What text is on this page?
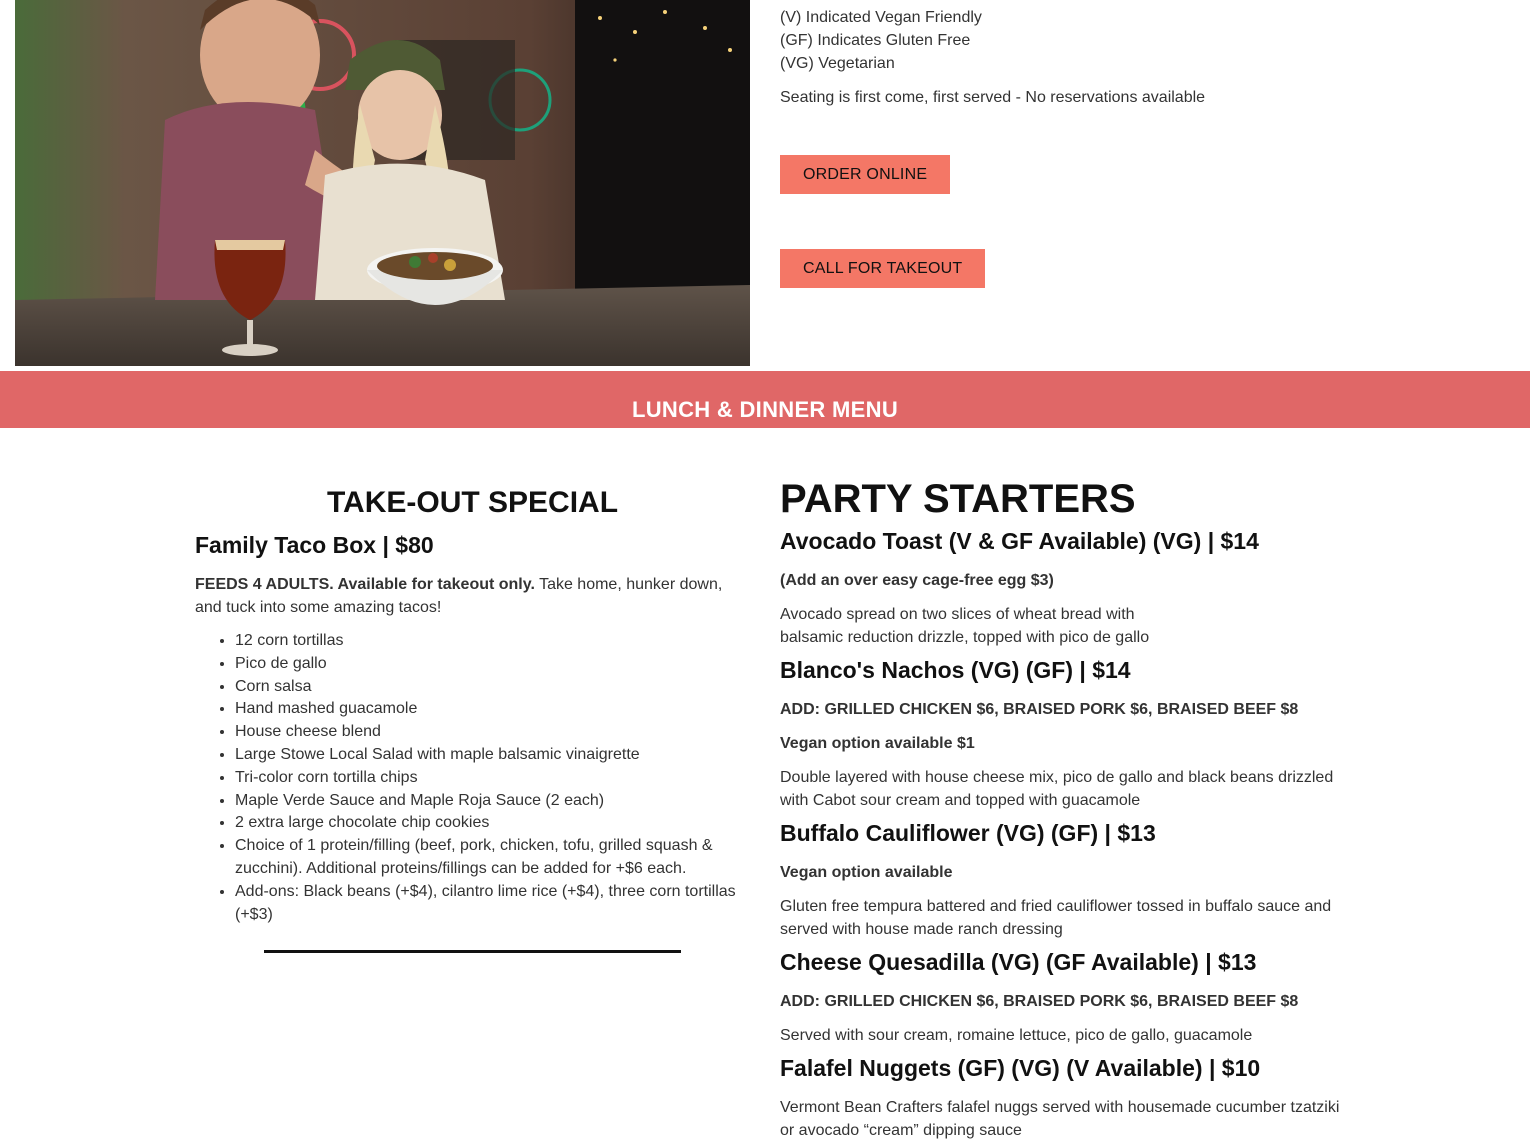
(V) Indicated Vegan Friendly
(GF) Indicates Gluten Free
(VG) Vegetarian
Seating is first come, first served - No reservations available
ORDER ONLINE
CALL FOR TAKEOUT
LUNCH & DINNER MENU
TAKE-OUT SPECIAL
Family Taco Box | $80

FEEDS 4 ADULTS. Available for takeout only. Take home, hunker down, and tuck into some amazing tacos!

• 12 corn tortillas
• Pico de gallo
• Corn salsa
• Hand mashed guacamole
• House cheese blend
• Large Stowe Local Salad with maple balsamic vinaigrette
• Tri-color corn tortilla chips
• Maple Verde Sauce and Maple Roja Sauce (2 each)
• 2 extra large chocolate chip cookies
• Choice of 1 protein/filling (beef, pork, chicken, tofu, grilled squash & zucchini). Additional proteins/fillings can be added for +$6 each.
• Add-ons: Black beans (+$4), cilantro lime rice (+$4), three corn tortillas (+$3)
PARTY STARTERS
Avocado Toast (V & GF Available) (VG) | $14

(Add an over easy cage-free egg $3)

Avocado spread on two slices of wheat bread with
balsamic reduction drizzle, topped with pico de gallo

Blanco's Nachos (VG) (GF) | $14

ADD: GRILLED CHICKEN $6, BRAISED PORK $6, BRAISED BEEF $8

Vegan option available $1

Double layered with house cheese mix, pico de gallo and black beans drizzled with Cabot sour cream and topped with guacamole

Buffalo Cauliflower (VG) (GF) | $13

Vegan option available

Gluten free tempura battered and fried cauliflower tossed in buffalo sauce and served with house made ranch dressing

Cheese Quesadilla (VG) (GF Available) | $13

ADD: GRILLED CHICKEN $6, BRAISED PORK $6, BRAISED BEEF $8

Served with sour cream, romaine lettuce, pico de gallo, guacamole

Falafel Nuggets (GF) (VG) (V Available) | $10

Vermont Bean Crafters falafel nuggs served with housemade cucumber tzatziki or avocado “cream” dipping sauce
